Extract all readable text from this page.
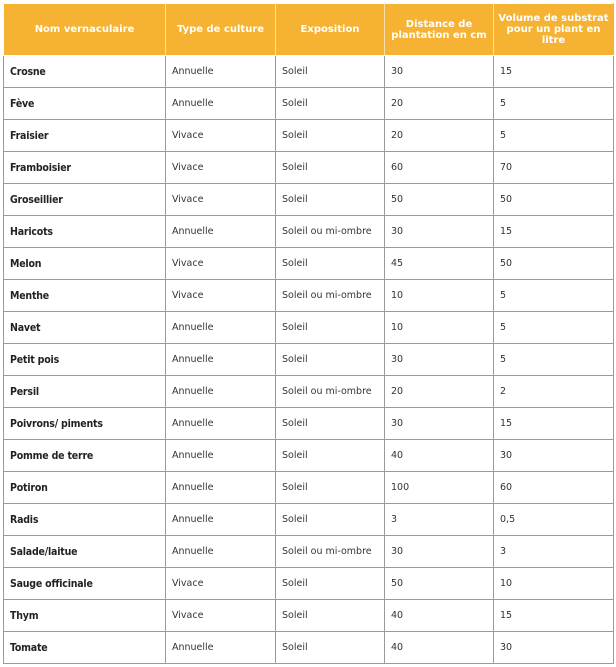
Nom vernaculaire	Type de culture	Exposition	Distance de plantation en cm	Volume de substrat pour un plant en litre
Crosne	Annuelle	Soleil	30	15
Fève	Annuelle	Soleil	20	5
Fraisier	Vivace	Soleil	20	5
Framboisier	Vivace	Soleil	60	70
Groseillier	Vivace	Soleil	50	50
Haricots	Annuelle	Soleil ou mi-ombre	30	15
Melon	Vivace	Soleil	45	50
Menthe	Vivace	Soleil ou mi-ombre	10	5
Navet	Annuelle	Soleil	10	5
Petit pois	Annuelle	Soleil	30	5
Persil	Annuelle	Soleil ou mi-ombre	20	2
Poivrons/ piments	Annuelle	Soleil	30	15
Pomme de terre	Annuelle	Soleil	40	30
Potiron	Annuelle	Soleil	100	60
Radis	Annuelle	Soleil	3	0,5
Salade/laitue	Annuelle	Soleil ou mi-ombre	30	3
Sauge officinale	Vivace	Soleil	50	10
Thym	Vivace	Soleil	40	15
Tomate	Annuelle	Soleil	40	30
